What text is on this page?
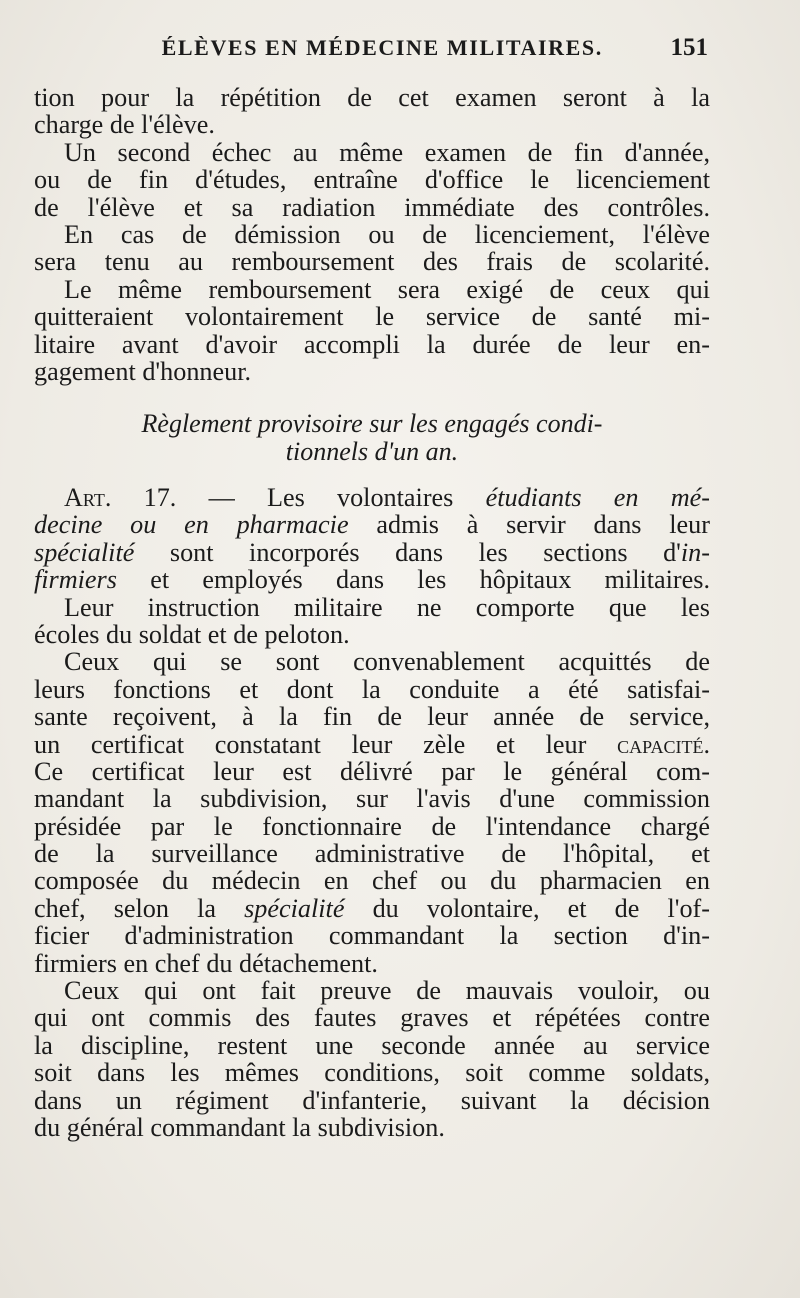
ÉLÈVES EN MÉDECINE MILITAIRES.	151
tion pour la répétition de cet examen seront à la
charge de l'élève.
Un second échec au même examen de fin d'année,
ou de fin d'études, entraîne d'office le licenciement
de l'élève et sa radiation immédiate des contrôles.
En cas de démission ou de licenciement, l'élève
sera tenu au remboursement des frais de scolarité.
Le même remboursement sera exigé de ceux qui
quitteraient volontairement le service de santé mi-
litaire avant d'avoir accompli la durée de leur en-
gagement d'honneur.
Règlement provisoire sur les engagés condi-
tionnels d'un an.
Art. 17. — Les volontaires étudiants en mé-
decine ou en pharmacie admis à servir dans leur
spécialité sont incorporés dans les sections d'in-
firmiers et employés dans les hôpitaux militaires.
Leur instruction militaire ne comporte que les
écoles du soldat et de peloton.
Ceux qui se sont convenablement acquittés de
leurs fonctions et dont la conduite a été satisfai-
sante reçoivent, à la fin de leur année de service,
un certificat constatant leur zèle et leur capacité.
Ce certificat leur est délivré par le général com-
mandant la subdivision, sur l'avis d'une commission
présidée par le fonctionnaire de l'intendance chargé
de la surveillance administrative de l'hôpital, et
composée du médecin en chef ou du pharmacien en
chef, selon la spécialité du volontaire, et de l'of-
ficier d'administration commandant la section d'in-
firmiers en chef du détachement.
Ceux qui ont fait preuve de mauvais vouloir, ou
qui ont commis des fautes graves et répétées contre
la discipline, restent une seconde année au service
soit dans les mêmes conditions, soit comme soldats,
dans un régiment d'infanterie, suivant la décision
du général commandant la subdivision.
